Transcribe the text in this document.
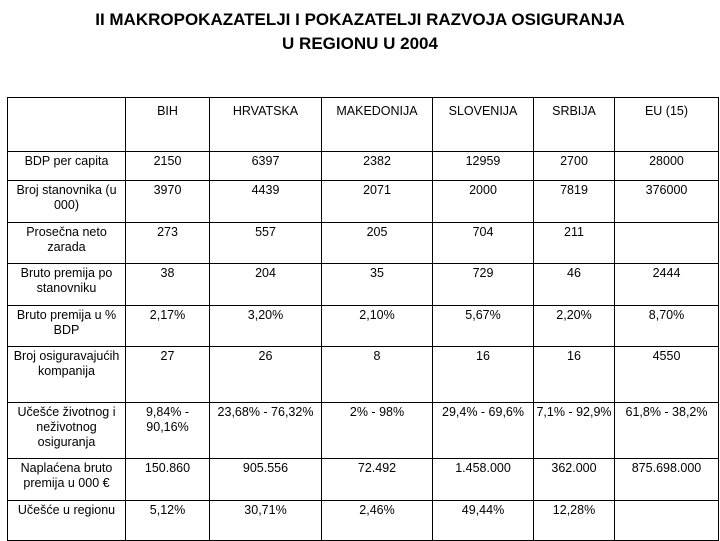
II MAKROPOKAZATELJI I POKAZATELJI RAZVOJA OSIGURANJA
U REGIONU U 2004
	BIH	HRVATSKA	MAKEDONIJA	SLOVENIJA	SRBIJA	EU (15)
BDP per capita	2150	6397	2382	12959	2700	28000
Broj stanovnika (u 000)	3970	4439	2071	2000	7819	376000
Prosečna neto zarada	273	557	205	704	211	
Bruto premija po stanovniku	38	204	35	729	46	2444
Bruto premija u % BDP	2,17%	3,20%	2,10%	5,67%	2,20%	8,70%
Broj osiguravajućih kompanija	27	26	8	16	16	4550
Učešće životnog i neživotnog osiguranja	9,84% - 90,16%	23,68% - 76,32%	2% - 98%	29,4% - 69,6%	7,1% - 92,9%	61,8% - 38,2%
Naplaćena bruto premija u 000 €	150.860	905.556	72.492	1.458.000	362.000	875.698.000
Učešće u regionu	5,12%	30,71%	2,46%	49,44%	12,28%	
